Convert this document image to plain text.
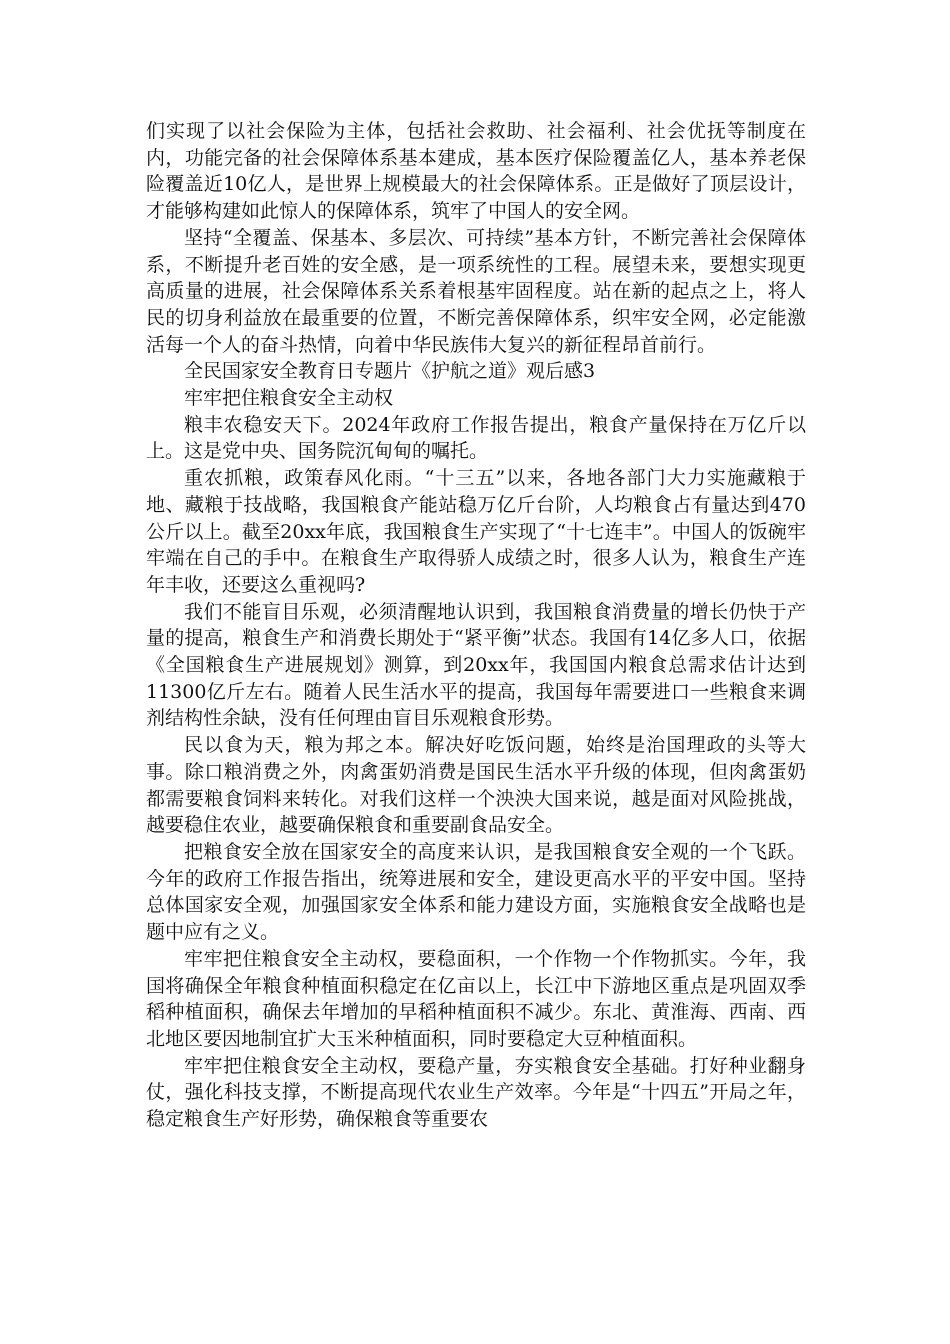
们实现了以社会保险为主体，包括社会救助、社会福利、社会优抚等制度在内，功能完备的社会保障体系基本建成，基本医疗保险覆盖亿人，基本养老保险覆盖近10亿人，是世界上规模最大的社会保障体系。正是做好了顶层设计，才能够构建如此惊人的保障体系，筑牢了中国人的安全网。

坚持“全覆盖、保基本、多层次、可持续”基本方针，不断完善社会保障体系，不断提升老百姓的安全感，是一项系统性的工程。展望未来，要想实现更高质量的进展，社会保障体系关系着根基牢固程度。站在新的起点之上，将人民的切身利益放在最重要的位置，不断完善保障体系，织牢安全网，必定能激活每一个人的奋斗热情，向着中华民族伟大复兴的新征程昂首前行。

全民国家安全教育日专题片《护航之道》观后感3

牢牢把住粮食安全主动权

粮丰农稳安天下。2024年政府工作报告提出，粮食产量保持在万亿斤以上。这是党中央、国务院沉甸甸的嘱托。

重农抓粮，政策春风化雨。“十三五”以来，各地各部门大力实施藏粮于地、藏粮于技战略，我国粮食产能站稳万亿斤台阶，人均粮食占有量达到470公斤以上。截至20xx年底，我国粮食生产实现了“十七连丰”。中国人的饭碗牢牢端在自己的手中。在粮食生产取得骄人成绩之时，很多人认为，粮食生产连年丰收，还要这么重视吗?

我们不能盲目乐观，必须清醒地认识到，我国粮食消费量的增长仍快于产量的提高，粮食生产和消费长期处于“紧平衡”状态。我国有14亿多人口，依据《全国粮食生产进展规划》测算，到20xx年，我国国内粮食总需求估计达到11300亿斤左右。随着人民生活水平的提高，我国每年需要进口一些粮食来调剂结构性余缺，没有任何理由盲目乐观粮食形势。

民以食为天，粮为邦之本。解决好吃饭问题，始终是治国理政的头等大事。除口粮消费之外，肉禽蛋奶消费是国民生活水平升级的体现，但肉禽蛋奶都需要粮食饲料来转化。对我们这样一个泱泱大国来说，越是面对风险挑战，越要稳住农业，越要确保粮食和重要副食品安全。

把粮食安全放在国家安全的高度来认识，是我国粮食安全观的一个飞跃。今年的政府工作报告指出，统筹进展和安全，建设更高水平的平安中国。坚持总体国家安全观，加强国家安全体系和能力建设方面，实施粮食安全战略也是题中应有之义。

牢牢把住粮食安全主动权，要稳面积，一个作物一个作物抓实。今年，我国将确保全年粮食种植面积稳定在亿亩以上，长江中下游地区重点是巩固双季稻种植面积，确保去年增加的早稻种植面积不减少。东北、黄淮海、西南、西北地区要因地制宜扩大玉米种植面积，同时要稳定大豆种植面积。

牢牢把住粮食安全主动权，要稳产量，夯实粮食安全基础。打好种业翻身仗，强化科技支撑，不断提高现代农业生产效率。今年是“十四五”开局之年，稳定粮食生产好形势，确保粮食等重要农
